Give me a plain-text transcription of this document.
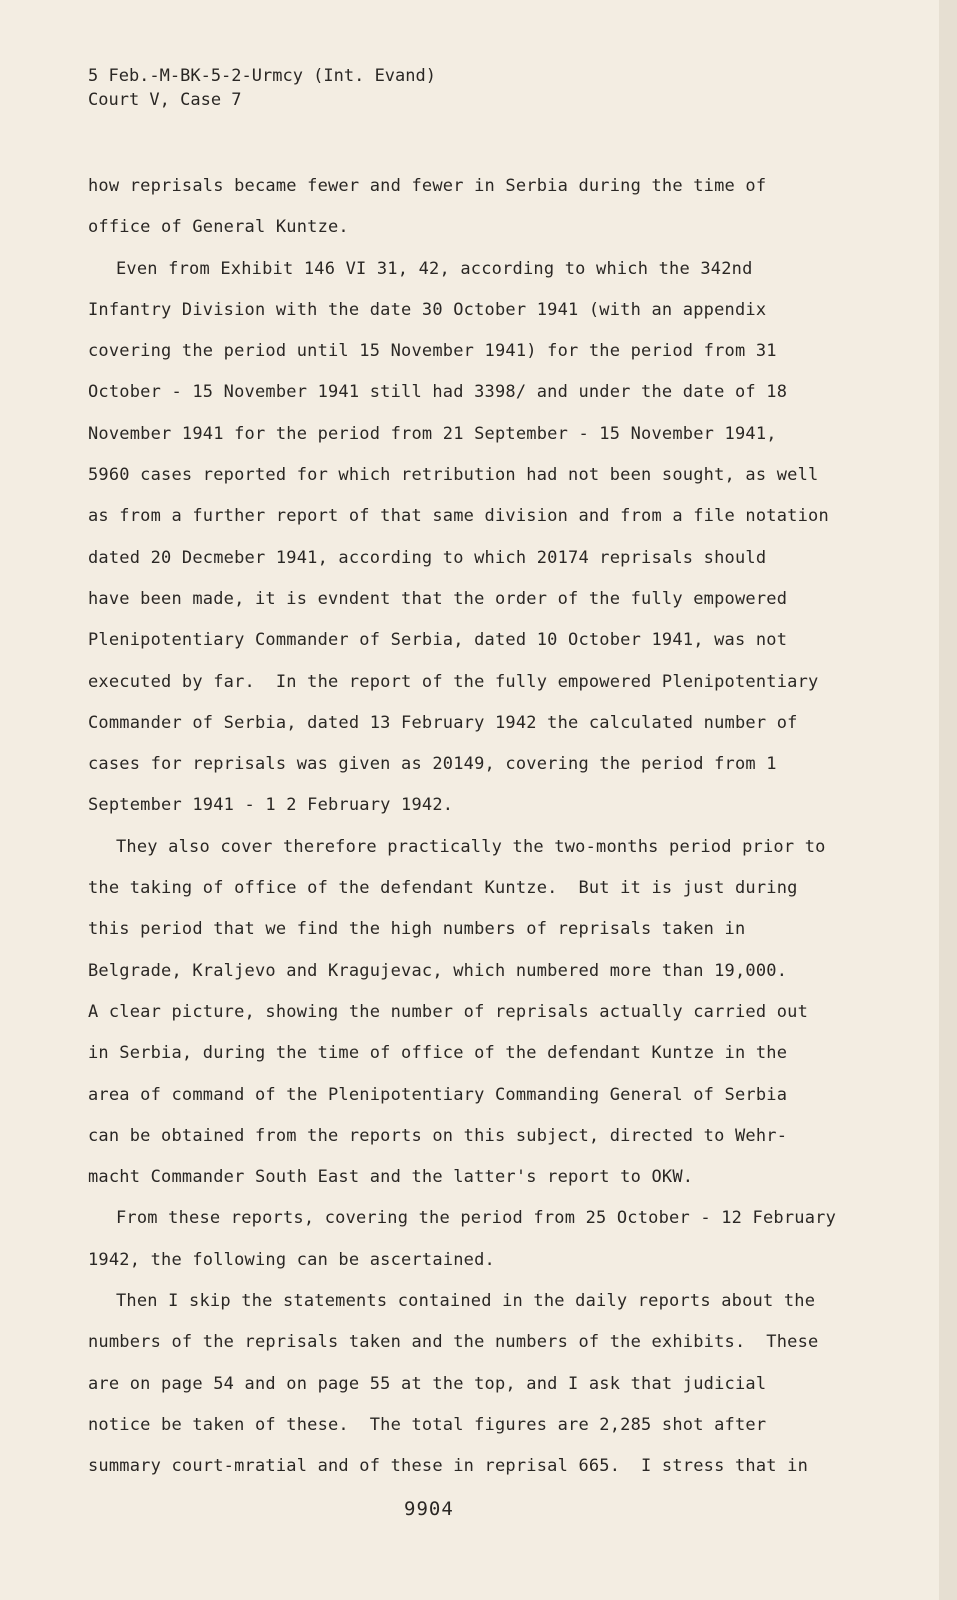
5 Feb.-M-BK-5-2-Urmcy (Int. Evand)
Court V, Case 7
how reprisals became fewer and fewer in Serbia during the time of
office of General Kuntze.
Even from Exhibit 146 VI 31, 42, according to which the 342nd
Infantry Division with the date 30 October 1941 (with an appendix
covering the period until 15 November 1941) for the period from 31
October - 15 November 1941 still had 3398/ and under the date of 18
November 1941 for the period from 21 September - 15 November 1941,
5960 cases reported for which retribution had not been sought, as well
as from a further report of that same division and from a file notation
dated 20 Decmeber 1941, according to which 20174 reprisals should
have been made, it is evndent that the order of the fully empowered
Plenipotentiary Commander of Serbia, dated 10 October 1941, was not
executed by far.  In the report of the fully empowered Plenipotentiary
Commander of Serbia, dated 13 February 1942 the calculated number of
cases for reprisals was given as 20149, covering the period from 1
September 1941 - 1 2 February 1942.
They also cover therefore practically the two-months period prior to
the taking of office of the defendant Kuntze.  But it is just during
this period that we find the high numbers of reprisals taken in
Belgrade, Kraljevo and Kragujevac, which numbered more than 19,000.
A clear picture, showing the number of reprisals actually carried out
in Serbia, during the time of office of the defendant Kuntze in the
area of command of the Plenipotentiary Commanding General of Serbia
can be obtained from the reports on this subject, directed to Wehr-
macht Commander South East and the latter's report to OKW.
From these reports, covering the period from 25 October - 12 February
1942, the following can be ascertained.
Then I skip the statements contained in the daily reports about the
numbers of the reprisals taken and the numbers of the exhibits.  These
are on page 54 and on page 55 at the top, and I ask that judicial
notice be taken of these.  The total figures are 2,285 shot after
summary court-mratial and of these in reprisal 665.  I stress that in
9904
